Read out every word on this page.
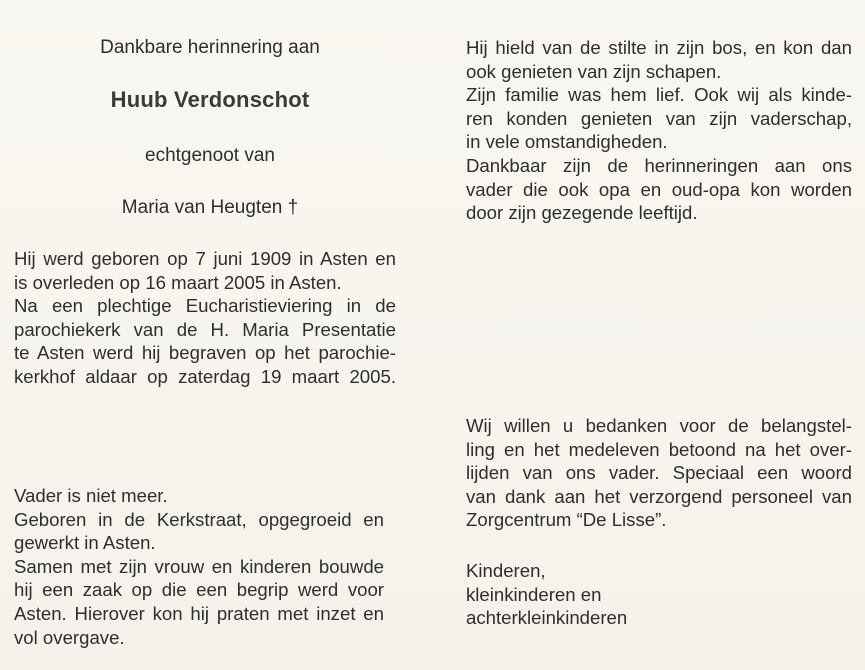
Dankbare herinnering aan
Huub Verdonschot
echtgenoot van
Maria van Heugten †
Hij werd geboren op 7 juni 1909 in Asten en
is overleden op 16 maart 2005 in Asten.
Na een plechtige Eucharistieviering in de
parochiekerk van de H. Maria Presentatie
te Asten werd hij begraven op het parochie-
kerkhof aldaar op zaterdag 19 maart 2005.
Vader is niet meer.
Geboren in de Kerkstraat, opgegroeid en
gewerkt in Asten.
Samen met zijn vrouw en kinderen bouwde
hij een zaak op die een begrip werd voor
Asten. Hierover kon hij praten met inzet en
vol overgave.
Hij hield van de stilte in zijn bos, en kon dan
ook genieten van zijn schapen.
Zijn familie was hem lief. Ook wij als kinde-
ren konden genieten van zijn vaderschap,
in vele omstandigheden.
Dankbaar zijn de herinneringen aan ons
vader die ook opa en oud-opa kon worden
door zijn gezegende leeftijd.
Wij willen u bedanken voor de belangstel-
ling en het medeleven betoond na het over-
lijden van ons vader. Speciaal een woord
van dank aan het verzorgend personeel van
Zorgcentrum “De Lisse”.
Kinderen,
kleinkinderen en
achterkleinkinderen
